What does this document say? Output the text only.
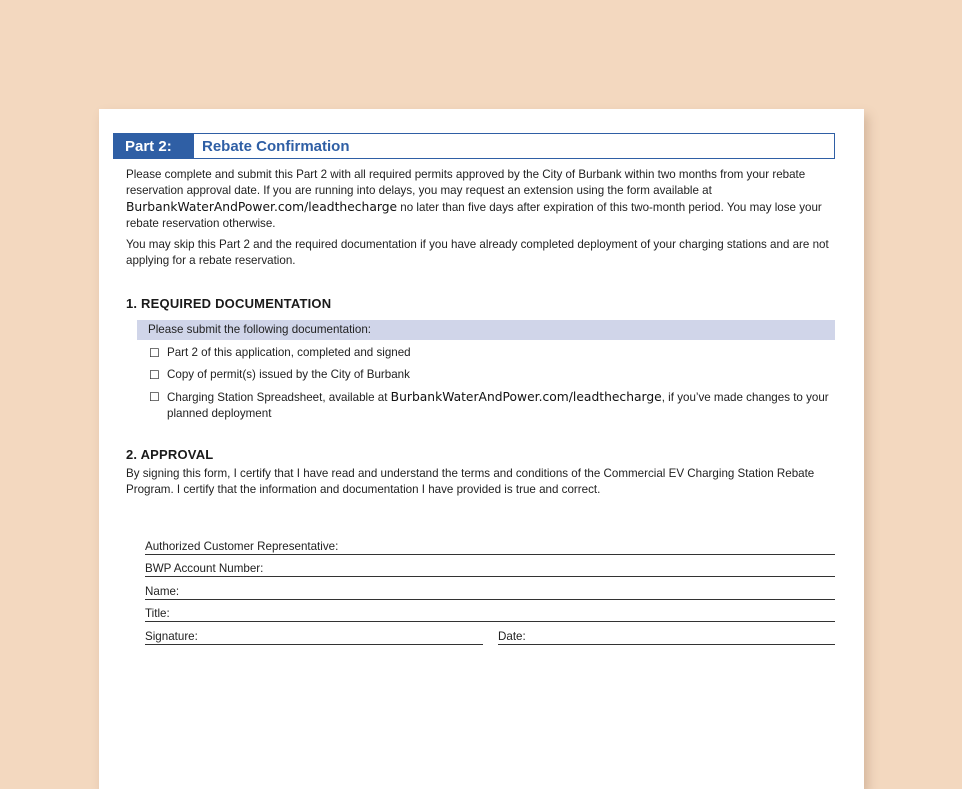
Part 2:	Rebate Confirmation

Please complete and submit this Part 2 with all required permits approved by the City of Burbank within two months from your rebate reservation approval date. If you are running into delays, you may request an extension using the form available at BurbankWaterAndPower.com/leadthecharge no later than five days after expiration of this two-month period. You may lose your rebate reservation otherwise.

You may skip this Part 2 and the required documentation if you have already completed deployment of your charging stations and are not applying for a rebate reservation.

1. REQUIRED DOCUMENTATION
Please submit the following documentation:
☐ Part 2 of this application, completed and signed
☐ Copy of permit(s) issued by the City of Burbank
☐ Charging Station Spreadsheet, available at BurbankWaterAndPower.com/leadthecharge, if you’ve made changes to your planned deployment
2. APPROVAL

By signing this form, I certify that I have read and understand the terms and conditions of the Commercial EV Charging Station Rebate Program. I certify that the information and documentation I have provided is true and correct.

Authorized Customer Representative:
BWP Account Number:
Name:
Title:
Signature:	Date:
